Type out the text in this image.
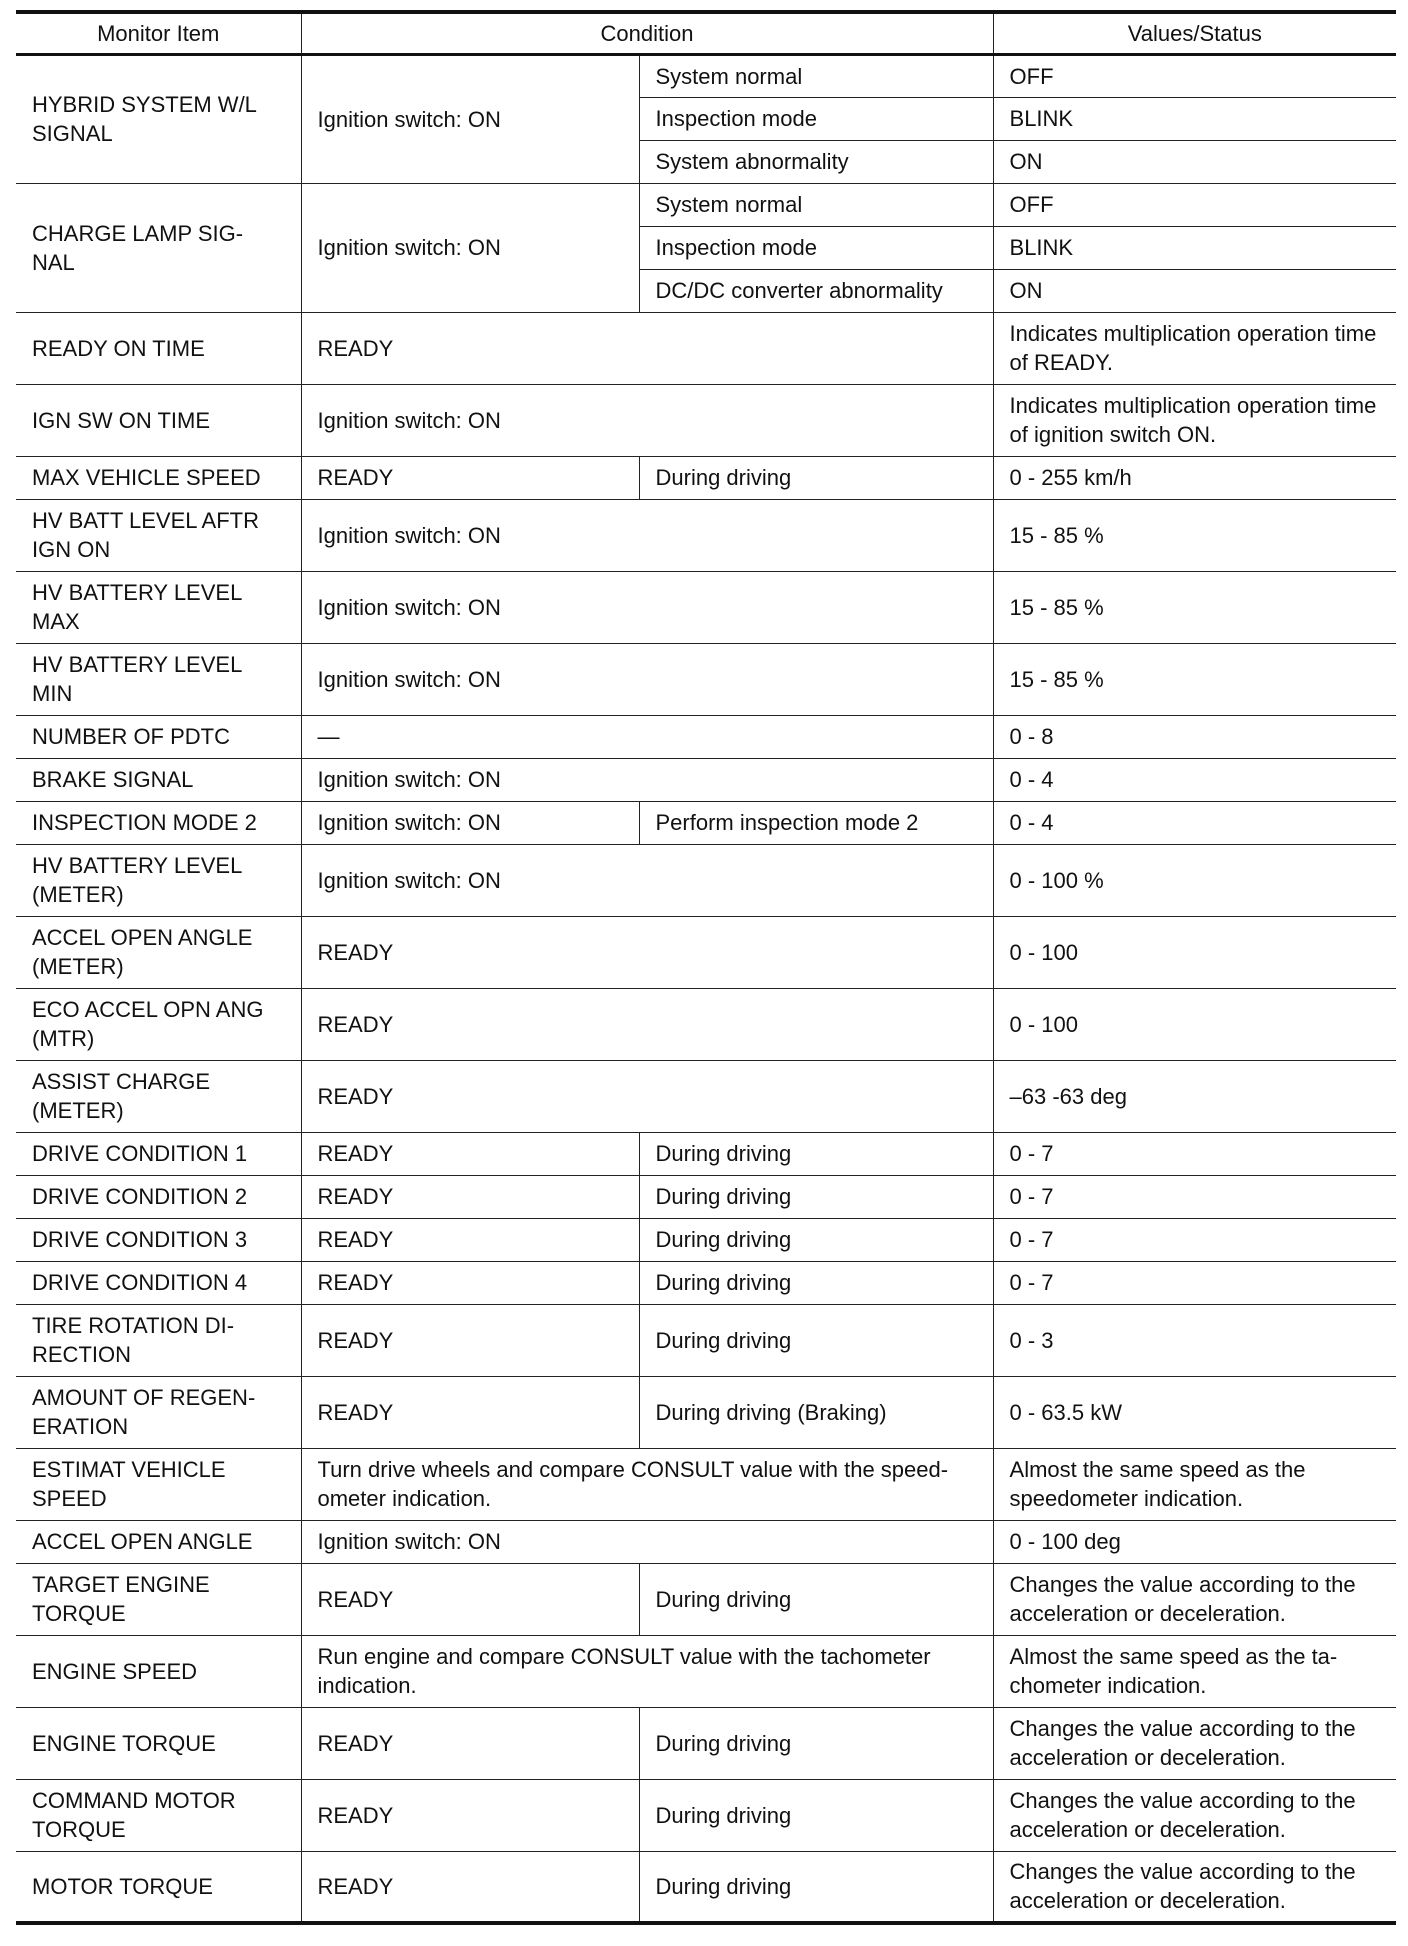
Monitor Item	Condition		Values/Status
HYBRID SYSTEM W/L SIGNAL	Ignition switch: ON	System normal	OFF
		Inspection mode	BLINK
		System abnormality	ON
CHARGE LAMP SIG-NAL	Ignition switch: ON	System normal	OFF
		Inspection mode	BLINK
		DC/DC converter abnormality	ON
READY ON TIME	READY		Indicates multiplication operation time of READY.
IGN SW ON TIME	Ignition switch: ON		Indicates multiplication operation time of ignition switch ON.
MAX VEHICLE SPEED	READY	During driving	0 - 255 km/h
HV BATT LEVEL AFTR IGN ON	Ignition switch: ON		15 - 85 %
HV BATTERY LEVEL MAX	Ignition switch: ON		15 - 85 %
HV BATTERY LEVEL MIN	Ignition switch: ON		15 - 85 %
NUMBER OF PDTC	—		0 - 8
BRAKE SIGNAL	Ignition switch: ON		0 - 4
INSPECTION MODE 2	Ignition switch: ON	Perform inspection mode 2	0 - 4
HV BATTERY LEVEL (METER)	Ignition switch: ON		0 - 100 %
ACCEL OPEN ANGLE (METER)	READY		0 - 100
ECO ACCEL OPN ANG (MTR)	READY		0 - 100
ASSIST CHARGE (METER)	READY		–63 -63 deg
DRIVE CONDITION 1	READY	During driving	0 - 7
DRIVE CONDITION 2	READY	During driving	0 - 7
DRIVE CONDITION 3	READY	During driving	0 - 7
DRIVE CONDITION 4	READY	During driving	0 - 7
TIRE ROTATION DI-RECTION	READY	During driving	0 - 3
AMOUNT OF REGEN-ERATION	READY	During driving (Braking)	0 - 63.5 kW
ESTIMAT VEHICLE SPEED	Turn drive wheels and compare CONSULT value with the speed-ometer indication.		Almost the same speed as the speedometer indication.
ACCEL OPEN ANGLE	Ignition switch: ON		0 - 100 deg
TARGET ENGINE TORQUE	READY	During driving	Changes the value according to the acceleration or deceleration.
ENGINE SPEED	Run engine and compare CONSULT value with the tachometer indication.		Almost the same speed as the ta-chometer indication.
ENGINE TORQUE	READY	During driving	Changes the value according to the acceleration or deceleration.
COMMAND MOTOR TORQUE	READY	During driving	Changes the value according to the acceleration or deceleration.
MOTOR TORQUE	READY	During driving	Changes the value according to the acceleration or deceleration.
